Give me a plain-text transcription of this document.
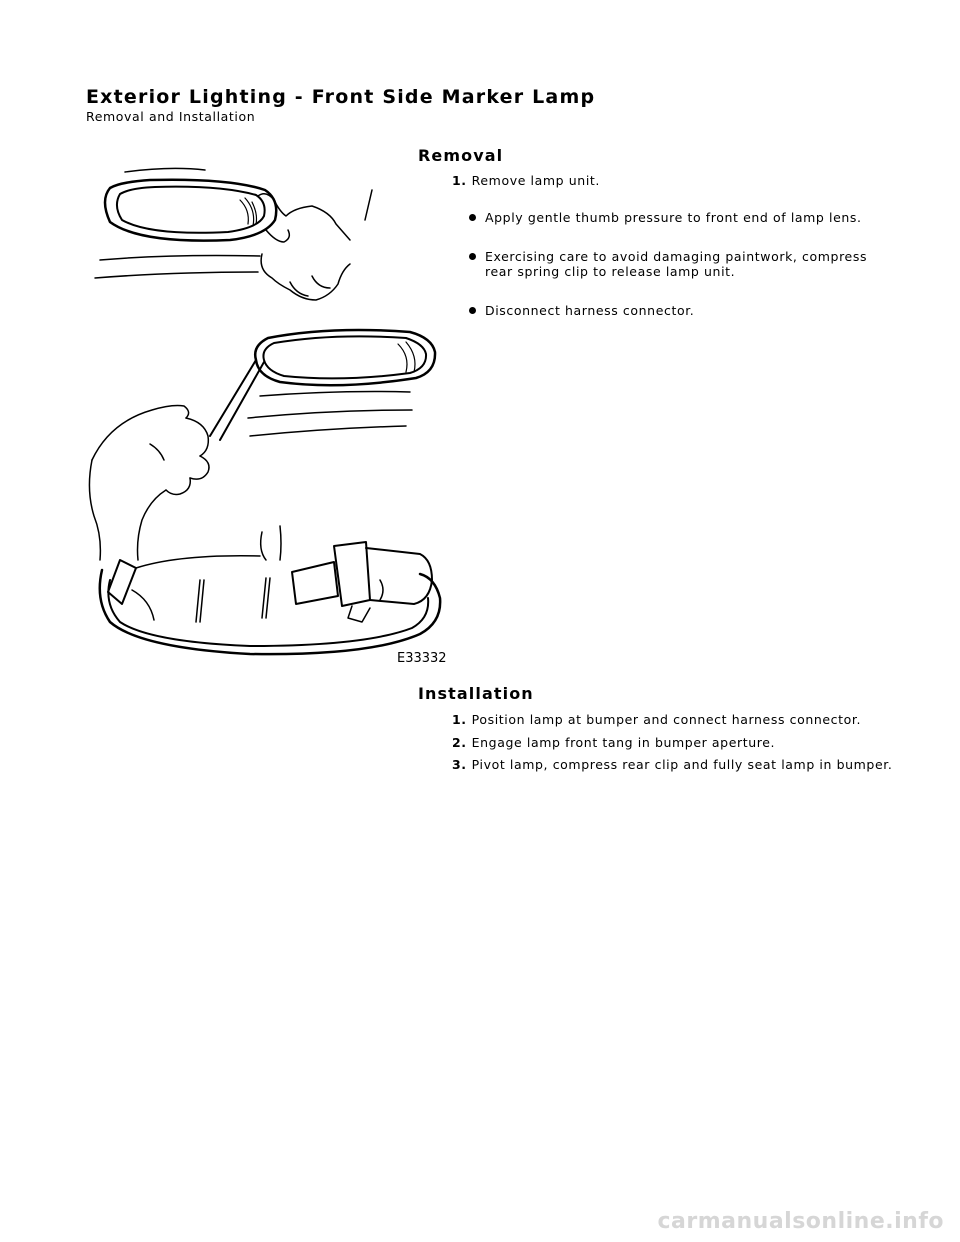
Exterior Lighting - Front Side Marker Lamp
Removal and Installation
Removal
1. Remove lamp unit.
Apply gentle thumb pressure to front end of lamp lens.
Exercising care to avoid damaging paintwork, compress rear spring clip to release lamp unit.
Disconnect harness connector.
E33332
Installation
1. Position lamp at bumper and connect harness connector.
2. Engage lamp front tang in bumper aperture.
3. Pivot lamp, compress rear clip and fully seat lamp in bumper.
carmanualsonline.info
